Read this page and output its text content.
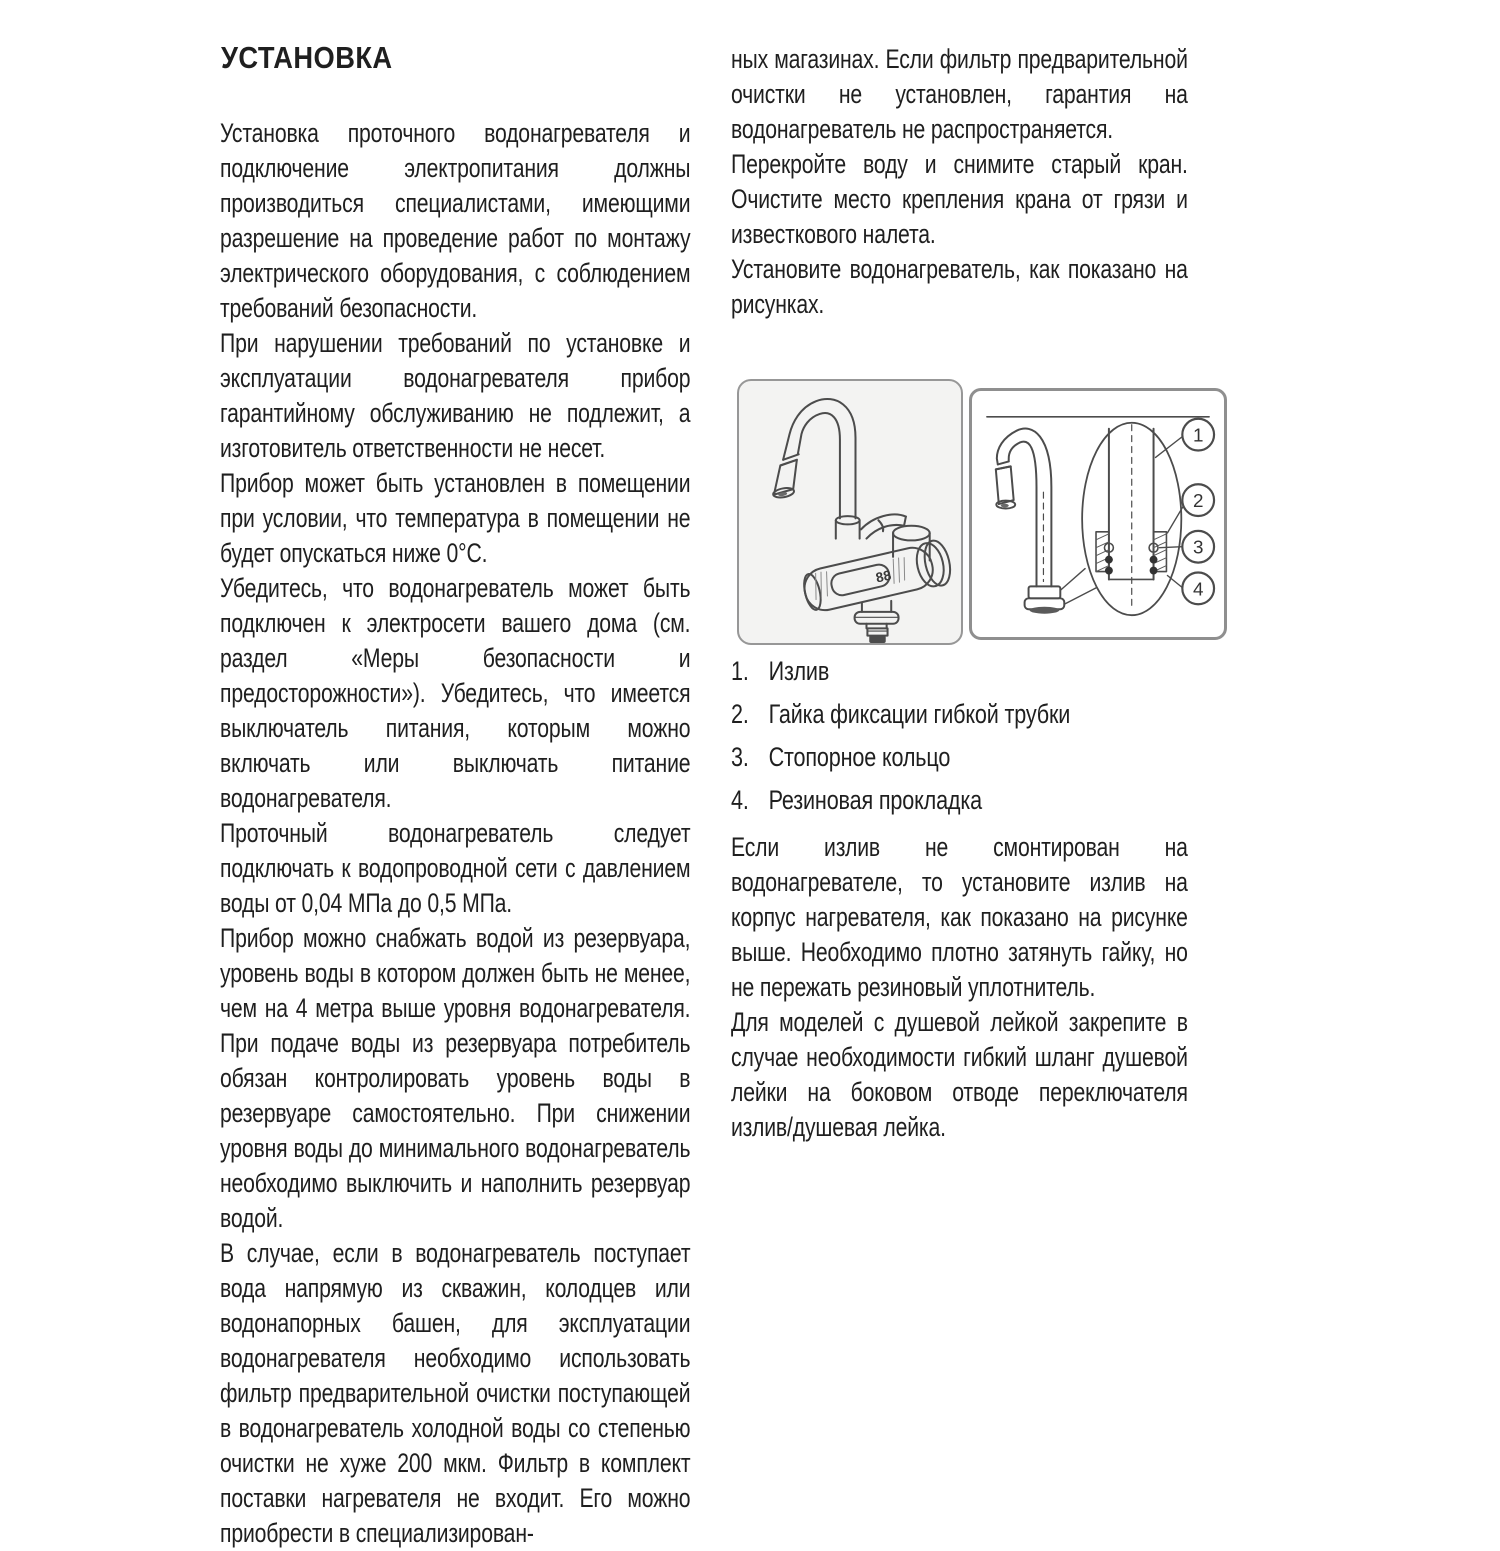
УСТАНОВКА

Установка проточного водонагревателя и подключение электропитания должны производиться специалистами, имеющими разрешение на проведение работ по монтажу электрического оборудования, с соблюдением требований безопасности.

При нарушении требований по установке и эксплуатации водонагревателя прибор гарантийному обслуживанию не подлежит, а изготовитель ответственности не несет.

Прибор может быть установлен в помещении при условии, что температура в помещении не будет опускаться ниже 0°С.

Убедитесь, что водонагреватель может быть подключен к электросети вашего дома (см. раздел «Меры безопасности и предосторожности»). Убедитесь, что имеется выключатель питания, которым можно включать или выключать питание водонагревателя.

Проточный водонагреватель следует подключать к водопроводной сети с давлением воды от 0,04 МПа до 0,5 МПа.

Прибор можно снабжать водой из резервуара, уровень воды в котором должен быть не менее, чем на 4 метра выше уровня водонагревателя. При подаче воды из резервуара потребитель обязан контролировать уровень воды в резервуаре самостоятельно. При снижении уровня воды до минимального водонагреватель необходимо выключить и наполнить резервуар водой.

В случае, если в водонагреватель поступает вода напрямую из скважин, колодцев или водонапорных башен, для эксплуатации водонагревателя необходимо использовать фильтр предварительной очистки поступающей в водонагреватель холодной воды со степенью очистки не хуже 200 мкм. Фильтр в комплект поставки нагревателя не входит. Его можно приобрести в специализирован-

ных магазинах. Если фильтр предварительной очистки не установлен, гарантия на водонагреватель не распространяется.

Перекройте воду и снимите старый кран. Очистите место крепления крана от грязи и известкового налета.

Установите водонагреватель, как показано на рисунках.

88
1
2
3
4
1. Излив
2. Гайка фиксации гибкой трубки
3. Стопорное кольцо
4. Резиновая прокладка

Если излив не смонтирован на водонагревателе, то установите излив на корпус нагревателя, как показано на рисунке выше. Необходимо плотно затянуть гайку, но не пережать резиновый уплотнитель.

Для моделей с душевой лейкой закрепите в случае необходимости гибкий шланг душевой лейки на боковом отводе переключателя излив/душевая лейка.
